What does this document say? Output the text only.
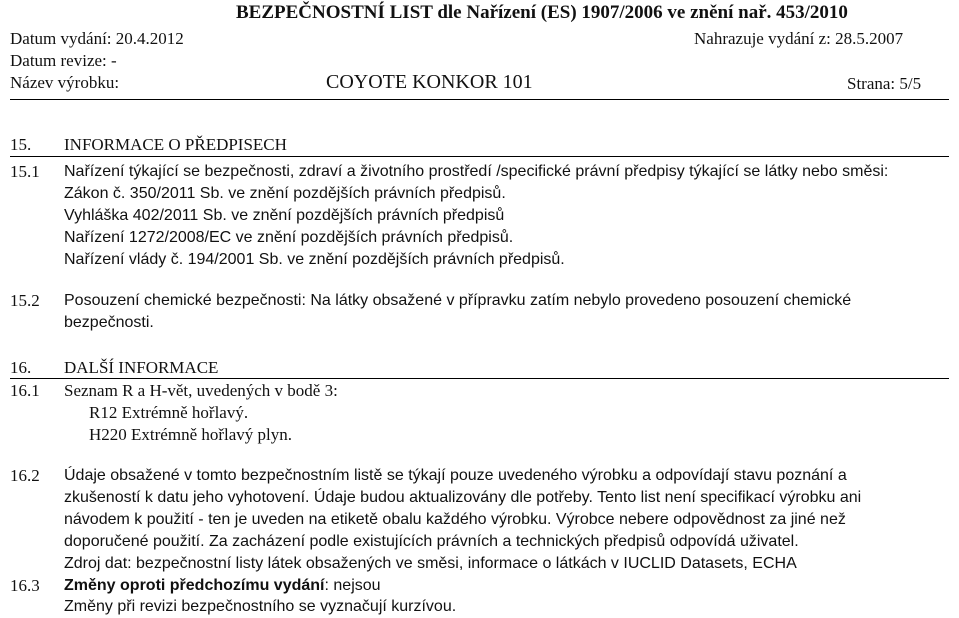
BEZPEČNOSTNÍ LIST dle Nařízení (ES) 1907/2006 ve znění nař. 453/2010
Datum vydání: 20.4.2012	Nahrazuje vydání z: 28.5.2007
Datum revize: -
Název výrobku:	COYOTE KONKOR 101	Strana: 5/5
15. INFORMACE O PŘEDPISECH
15.1 Nařízení týkající se bezpečnosti, zdraví a životního prostředí /specifické právní předpisy týkající se látky nebo směsi:
Zákon č. 350/2011 Sb. ve znění pozdějších právních předpisů.
Vyhláška 402/2011 Sb. ve znění pozdějších právních předpisů
Nařízení 1272/2008/EC ve znění pozdějších právních předpisů.
Nařízení vlády č. 194/2001 Sb. ve znění pozdějších právních předpisů.
15.2 Posouzení chemické bezpečnosti: Na látky obsažené v přípravku zatím nebylo provedeno posouzení chemické
bezpečnosti.
16. DALŠÍ INFORMACE
16.1 Seznam R a H-vět, uvedených v bodě 3:
R12 Extrémně hořlavý.
H220 Extrémně hořlavý plyn.
16.2 Údaje obsažené v tomto bezpečnostním listě se týkají pouze uvedeného výrobku a odpovídají stavu poznání a
zkušeností k datu jeho vyhotovení. Údaje budou aktualizovány dle potřeby. Tento list není specifikací výrobku ani
návodem k použití - ten je uveden na etiketě obalu každého výrobku. Výrobce nebere odpovědnost za jiné než
doporučené použití. Za zacházení podle existujících právních a technických předpisů odpovídá uživatel.
Zdroj dat: bezpečnostní listy látek obsažených ve směsi, informace o látkách v IUCLID Datasets, ECHA
16.3 Změny oproti předchozímu vydání: nejsou
Změny při revizi bezpečnostního se vyznačují kurzívou.
